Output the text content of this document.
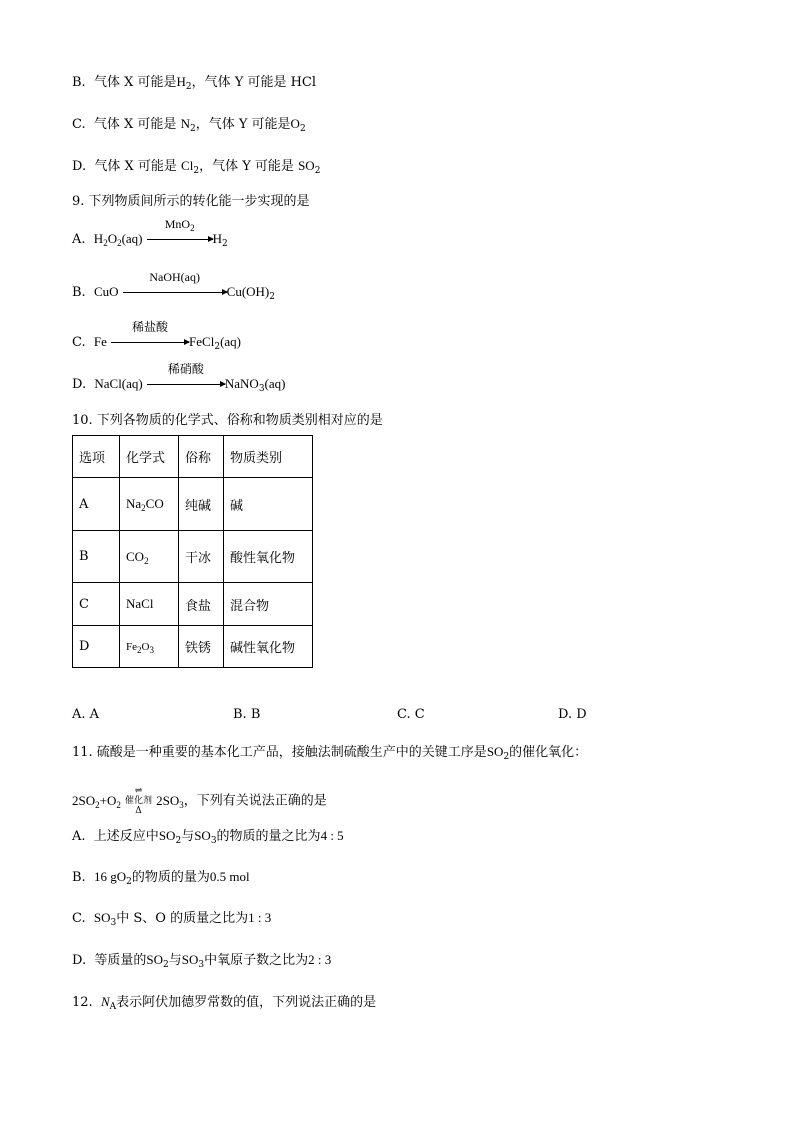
B. 气体 X 可能是$H_2$，气体 Y 可能是 HCl
C. 气体 X 可能是 $N_2$，气体 Y 可能是$O_2$
D. 气体 X 可能是 $Cl_2$，气体 Y 可能是 $SO_2$
9. 下列物质间所示的转化能一步实现的是
A. $H_2O_2(aq)$
MnO$_2$
$H_2$
B. CuO
NaOH(aq)
$Cu(OH)_2$
C. Fe
稀盐酸
FeCl$_2$(aq)
D. NaCl(aq)
稀硝酸
NaNO$_3$(aq)
10. 下列各物质的化学式、俗称和物质类别相对应的是
选项	化学式	俗称	物质类别
A	$Na_2CO$	纯碱	碱
B	$CO_2$	干冰	酸性氧化物
C	NaCl	食盐	混合物
D	$Fe_2O_3$	铁锈	碱性氧化物
A. A	B. B	C. C	D. D
11. 硫酸是一种重要的基本化工产品，接触法制硫酸生产中的关键工序是$SO_2$的催化氧化：
$2SO_2+O_2$ ⇌
催化剂
Δ $2SO_3$，下列有关说法正确的是
A. 上述反应中$SO_2$与$SO_3$的物质的量之比为4 : 5
B. 16 $gO_2$的物质的量为0.5 mol
C. $SO_3$中 S、O 的质量之比为1 : 3
D. 等质量的$SO_2$与$SO_3$中氧原子数之比为2 : 3
12. $N_A$表示阿伏加德罗常数的值，下列说法正确的是
